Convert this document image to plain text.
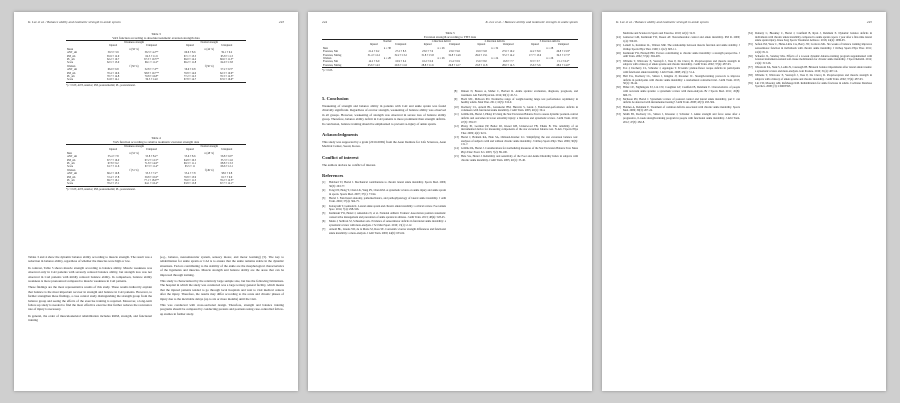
K. Lee et al. / Balance ability and isokinetic strength in ankle sprain	243
Table 3
VAS function according to absolute isokinetic eversion strength data
	Weakness strength		Normal strength	
	Injured	Uninjured	Injured	Uninjured
Mean	n (56 %)		n (44 %)	
ANT_sm	59.3 ± 3.9	56.3 ± 4.2**	60.6 ± 8.6	59.1 ± 9.2
PM_sm	65.9 ± 12.9	62.5 ± 11.9	67.1 ± 13.5	65.8 ± 11.3
PL_sm	62.2 ± 10.7	67.3 ± 10.3**	66.0 ± 14.2	66.6 ± 11.3*
Score	62.5 ± 13.9	66.1 ± 11.2*	66.2 ± 11.8	64.9 ± 13.8
Women	f (50 %)		f (50 %)	
ANT_sm	66.0 ± 6.8	52.8 ± 7.4**	56.9 ± 9.8	57.2 ± 9.3*
PM_sm	70.4 ± 10.6	58.8 ± 10.7**	70.8 ± 14.0	62.3 ± 10.9*
PL_sm	70.7 ± 14.8	70.8 ± 16.8*	77.2 ± 12.5	70.3 ± 12.3*
Score	61.8 ± 14.1	59.5 ± 14.0	67.8 ± 14.7	67.6 ± 16.9*
*p < 0.05; ANT, anterior; PM, posteromedial; PL, posterolateral.
Table 4
VAS function according to relative isokinetic eversion strength data
	Weakness strength		Normal strength	
	Injured	Uninjured	Injured	Uninjured
Men	n (52 %)		n (48 %)	
ANT_sm	55.4 ± 7.8	55.8 ± 8.2*	53.6 ± 8.6	56.8 ± 9.0*
PM_sm	67.7 ± 16.0	67.2 ± 12.5*	64.8 ± 10.5	55.3 ± 11.6
PL_sm	67.8 ± 9.2	71.8 ± 14.6*	69.3 ± 11.1	68.8 ± 13.3
Score	61.7 ± 11.6	67.3 ± 11.4*	65.5 ± 11	66.6 ± 12.1
Women	f (51 %)		f (49 %)	
ANT_sm	66.2 ± 10.8	53.3 ± 7.2*	55.4 ± 7.8	58.0 ± 9.8
PM_sm	72.4 ± 17.8	59.8 ± 10.6*	70.8 ± 13.9	61.7 ± 9.9
PL_sm	69.7 ± 16.1	77.1 ± 18.0**	76.0 ± 11.5	70.2 ± 12.5*
Score	70.2 ± 17.1	64.1 ± 16.4*	63.8 ± 15.8	67.7 ± 12.1*
*p < 0.05; ANT, anterior; PM, posteromedial; PL, posterolateral.

Tables 3 and 4 show the dynamic balance ability according to muscle strength. The result was a reduction in balance ability, regardless of whether the muscles were high or low.

In contrast, Table 5 shows muscle strength according to balance ability. Muscle weakness was observed only in CAI patients with severely reduced balance ability, but strength loss was not observed in CAI patients with mildly reduced balance ability. In comparison, balance ability weakness is more pronounced compared to muscle weakness in CAI patients.

These findings are the most representative results of this study. These results indirectly explain that balance is the most important recover in strength and balance in CAI patients. However, to further strengthen these findings, a case control study distinguishing the strength group from the balance group and seeing the effects of the exercise training is required. Moreover, a long-term follow-up study is needed to find the most effective exercise that further reduces the recurrence rate of injury is necessary.

In general, the order of musculoskeletal rehabilitation includes ROM, strength, and functional training

(e.g., balance, neuromuscular system, sensory motor, and motor learning) [5]. The key to rehabilitation for ankle sprain or CAI is to ensure that the ankle remains stable in the dynamic situations. Factors contributing to the stability of the ankle are the morphological characteristics of the ligaments and muscles. Muscle strength and balance ability are the areas that can be improved through training.

This study is characterized by the relatively large sample size, but has the following limitations. The hospital in which the study was conducted was a large tertiary general facility, which means that the injured patients tended to go through local hospitals and wait to visit medical centers after the injury. Therefore, the results may differ according to the acute and chronic phases of injury due to the inevitable delays (up to six or more months) until the visit.

This was conducted with cross-sectional design. Therefore, strength and balance training programs should be compared by conducting pretests and posttests using case-controlled follow-up studies in further study.

244	K. Lee et al. / Balance ability and isokinetic strength in ankle sprain
Table 5
Eversion strength according to YBT data
	Normal		1 direction deficit		2 direction deficits		3 direction deficits	
	Injured	Uninjured	Injured	Uninjured	Injured	Uninjured	Injured	Uninjured
Men	n = 38		n = 26		n = 32		n = 28	
Eversion, Nm	21.4 ± 9.2	27.2 ± 8.3	23.0 ± 7.9	23.6 ± 9.6	19.9 ± 9.8	27.6 ± 10.2	12.2 ± 8.9	26.8 ± 13.9*
Eversion, Nm/kg	31.4 ± 12.2	32.2 ± 13.2	31.8 ± 15.8	32.8 ± 14.6	29.6 ± 13.1	37.2 ± 14.2	17.7 ± 15.6	34.3 ± 17.5*
Women	n = 28		n = 26		n = 24		n = 26	
Eversion, Nm	14.2 ± 6.9	16.9 ± 6.2	16.2 ± 6.6	15.4 ± 6.9	15.6 ± 8.0	16.8 ± 7.7	8.3 ± 3.7	15.1 ± 6.2*
Eversion, Nm/kg	25.6 ± 14.5	29.6 ± 11.6	28.8 ± 11.6	26.8 ± 12.7	25.8 ± 11.8	28.0 ± 14.5	15.6 ± 5.6	28.0 ± 14.0*
*p < 0.05.
5. Conclusion

Weakening of strength and balance ability in patients with CAI and ankle sprain was found clinically significant. Regardless of evertor strength, weakening of balance ability was observed in all groups. However, weakening of strength was observed in severe loss of balance ability group. Therefore, balance ability deficit in CAI patients is more prominent than strength deficits. In conclusion, balance training should be emphasized to prevent re-injury of ankle sprain.

Acknowledgments

This study was supported by a grant (2010-0069) from the Asan Institute for Life Sciences, Asan Medical Center, Seoul, Korea.

Conflict of interest

The authors declare no conflict of interest.

References
[1]	Hubbard TJ, Hertel J. Mechanical contributions to chronic lateral ankle instability. Sports Med. 2006; 36(3): 263-77.
[2]	Fong DT, Hong Y, Chan LK, Yung PS, Chan KM. A systematic review on ankle injury and ankle sprain in sports. Sports Med. 2007; 37(1): 73-94.
[3]	Hertel J. Functional anatomy, pathomechanics, and pathophysiology of lateral ankle instability. J Athl Train. 2002; 37(4): 364-75.
[4]	Kobayashi T, Gamada K. Lateral ankle sprain and chronic ankle instability: a critical review. Foot Ankle Spec. 2014; 7(4): 298-326.
[5]	Kaminski TW, Hertel J, Amendola N, et al. National Athletic Trainers' Association position statement: conservative management and prevention of ankle sprains in athletes. J Athl Train. 2013; 48(4): 528-45.
[6]	Munn J, Sullivan SJ, Schneiders AG. Evidence of sensorimotor deficits in functional ankle instability: a systematic review with meta-analysis. J Sci Med Sport. 2010; 13(1): 2-12.
[7]	Arnold BL, Linens SW, de la Motte SJ, Ross SE. Concentric evertor strength differences and functional ankle instability: a meta-analysis. J Athl Train. 2009; 44(6): 653-62.
[8]	Dinsen N, Basaru A, Maher C, Herbert R. Ankle sprains: evaluation, diagnosis, prognosis, and treatment. Am Fam Physician. 2014; 90(1): 45-51.
[9]	Hoch MC, McKeon PO. Normative range of weight-bearing lunge test performance asymmetry in healthy adults. Man Ther. 2011; 16(5): 516-9.
[10] Docherty CL, Arnold BL, Gansneder BM, Hurwitz S, Gieck J. Functional-performance deficits in volunteers with functional ankle instability. J Athl Train. 2005; 40(1): 30-4.
[11] Gribble PA, Hertel J, Plisky P. Using the Star Excursion Balance Test to assess dynamic postural-control deficits and outcomes in lower extremity injury: a literature and systematic review. J Athl Train. 2012; 47(3): 339-57.
[12] Plisky PJ, Gorman PP, Butler RJ, Kiesel KB, Underwood FB, Elkins B. The reliability of an instrumented device for measuring components of the star excursion balance test. N Am J Sports Phys Ther. 2009; 4(2): 92-9.
[13] Hertel J, Braham RA, Hale SA, Olmsted-Kramer LC. Simplifying the star excursion balance test: analyses of subjects with and without chronic ankle instability. J Orthop Sports Phys Ther. 2006; 36(3): 131-7.
[14] Gribble PA, Hertel J. Considerations for normalizing measures of the Star Excursion Balance Test. Meas Phys Educ Exerc Sci. 2003; 7(2): 89-100.
[15] Hale SA, Hertel J. Reliability and sensitivity of the Foot and Ankle Disability Index in subjects with chronic ankle instability. J Athl Train. 2005; 40(1): 35-40.
K. Lee et al. / Balance ability and isokinetic strength in ankle sprain	245
Medicine and Science in Sports and Exercise. 2010; 42(1): 52-8.
[24] Gutierrez GM, Kaminski TW, Douex AT. Neuromuscular control and ankle instability. PM R. 2009; 1(4): 359-65.
[25] Lentell G, Katzman LL, Walters MR. The relationship between muscle function and ankle stability. J Orthop Sports Phys Ther. 1990; 11(12): 605-11.
[26] Kaminski TW, Hartsell HD. Factors contributing to chronic ankle instability: a strength perspective. J Athl Train. 2002; 37(4): 394-405.
[27] Willems T, Witvrouw E, Verstuyft J, Vaes P, De Clercq D. Proprioception and muscle strength in subjects with a history of ankle sprains and chronic instability. J Athl Train. 2002; 37(4): 487-93.
[28] Fox J, Docherty CL, Schrader J, Applegate T. Eccentric plantar-flexor torque deficits in participants with functional ankle instability. J Athl Train. 2008; 43(1): 51-4.
[29] Hall EA, Docherty CL, Simon J, Kingma JJ, Klossner JC. Strength-training protocols to improve deficits in participants with chronic ankle instability: a randomized controlled trial. J Athl Train. 2015; 50(1): 36-44.
[30] Hiller CE, Nightingale EJ, Lin CW, Coughlan GF, Caulfield B, Delahunt E. Characteristics of people with recurrent ankle sprains: a systematic review with meta-analysis. Br J Sports Med. 2011; 45(8): 660-72.
[31] McKeon PO, Hertel J. Systematic review of postural control and lateral ankle instability, part I: can deficits be detected with instrumented testing? J Athl Train. 2008; 43(3): 293-304.
[32] Holmes A, Delahunt E. Treatment of common deficits associated with chronic ankle instability. Sports Med. 2009; 39(3): 207-24.
[33] Smith BI, Docherty CL, Simon J, Klossner J, Schrader J. Ankle strength and force sense after a progressive, 6-week strength-training program in people with functional ankle instability. J Athl Train. 2012; 47(3): 282-8.
[34] Doherty C, Bleakley C, Hertel J, Caulfield B, Ryan J, Delahunt E. Dynamic balance deficits in individuals with chronic ankle instability compared to ankle sprain copers 1 year after a first-time lateral ankle sprain injury. Knee Surg Sports Traumatol Arthrosc. 2016; 24(4): 1086-95.
[35] Sefton JM, Yarar C, Hicks-Little CA, Berry JW, Cordova ML. Six weeks of balance training improves sensorimotor function in individuals with chronic ankle instability. J Orthop Sports Phys Ther. 2011; 41(2): 81-9.
[36] Schaefer JL, Sandrey MA. Effects of a 4-week dynamic-balance-training program supplemented with Graston instrument-assisted soft-tissue mobilization for chronic ankle instability. J Sport Rehabil. 2012; 21(4): 313-26.
[37] Wikstrom EA, Naik S, Lodha N, Cauraugh JH. Bilateral balance impairments after lateral ankle trauma: a systematic review and meta-analysis. Gait Posture. 2010; 31(4): 407-14.
[38] Willems T, Witvrouw E, Verstuyft J, Vaes P, De Clercq D. Proprioception and muscle strength in subjects with a history of ankle sprains and chronic instability. J Athl Train. 2002; 37(4): 487-93.
[39] Lin CW, Moseley AM, Refshauge KM. Rehabilitation for ankle fractures in adults. Cochrane Database Syst Rev. 2008; (3): CD005595.
